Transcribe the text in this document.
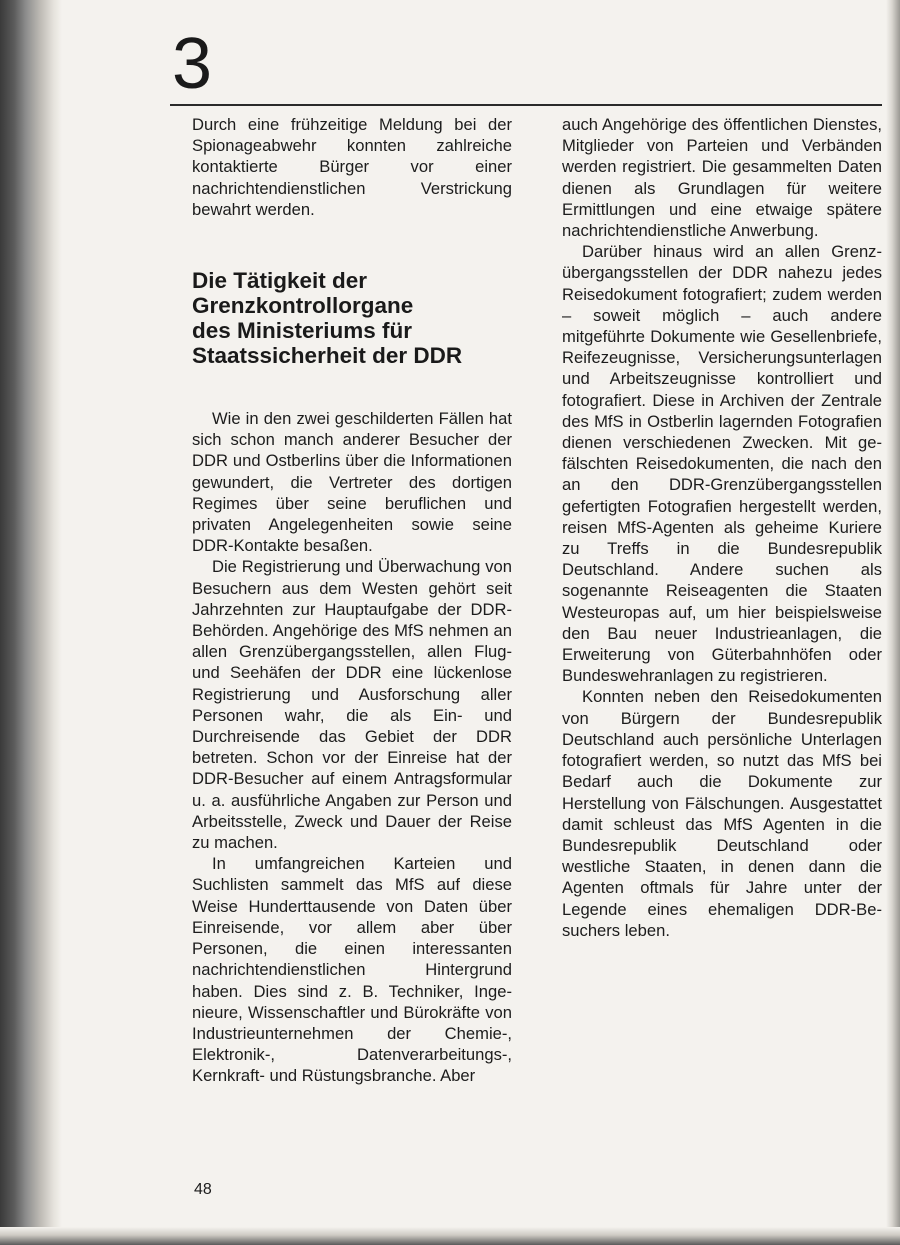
3

Durch eine frühzeitige Meldung bei der Spionageabwehr konnten zahlreiche kontaktierte Bürger vor einer nachrichtendienstlichen Verstrickung bewahrt werden.

Die Tätigkeit der
Grenzkontrollorgane
des Ministeriums für
Staatssicherheit der DDR

Wie in den zwei geschilderten Fällen hat sich schon manch anderer Besucher der DDR und Ostberlins über die Informationen gewundert, die Vertreter des dortigen Regimes über seine beruflichen und privaten Angelegenheiten sowie seine DDR-Kontakte besaßen.

Die Registrierung und Überwachung von Besuchern aus dem Westen gehört seit Jahrzehnten zur Hauptaufgabe der DDR-Behörden. Angehörige des MfS nehmen an allen Grenzübergangsstellen, allen Flug- und Seehäfen der DDR eine lückenlose Registrierung und Ausforschung aller Personen wahr, die als Ein- und Durchreisende das Gebiet der DDR betreten. Schon vor der Einreise hat der DDR-Besucher auf einem Antragsformular u. a. ausführliche Angaben zur Person und Arbeitsstelle, Zweck und Dauer der Reise zu machen.

In umfangreichen Karteien und Suchlisten sammelt das MfS auf diese Weise Hunderttausende von Daten über Einreisende, vor allem aber über Personen, die einen interessanten nachrichtendienstlichen Hintergrund haben. Dies sind z. B. Techniker, Ingenieure, Wissenschaftler und Bürokräfte von Industrieunternehmen der Chemie-, Elektronik-, Datenverarbeitungs-, Kernkraft- und Rüstungsbranche. Aber

auch Angehörige des öffentlichen Dienstes, Mitglieder von Parteien und Verbänden werden registriert. Die gesammelten Daten dienen als Grundlagen für weitere Ermittlungen und eine etwaige spätere nachrichtendienstliche Anwerbung.

Darüber hinaus wird an allen Grenzübergangsstellen der DDR nahezu jedes Reisedokument fotografiert; zudem werden – soweit möglich – auch andere mitgeführte Dokumente wie Gesellenbriefe, Reifezeugnisse, Versicherungsunterlagen und Arbeitszeugnisse kontrolliert und fotografiert. Diese in Archiven der Zentrale des MfS in Ostberlin lagernden Fotografien dienen verschiedenen Zwecken. Mit gefälschten Reisedokumenten, die nach den an den DDR-Grenzübergangsstellen gefertigten Fotografien hergestellt werden, reisen MfS-Agenten als geheime Kuriere zu Treffs in die Bundesrepublik Deutschland. Andere suchen als sogenannte Reiseagenten die Staaten Westeuropas auf, um hier beispielsweise den Bau neuer Industrieanlagen, die Erweiterung von Güterbahnhöfen oder Bundeswehranlagen zu registrieren.

Konnten neben den Reisedokumenten von Bürgern der Bundesrepublik Deutschland auch persönliche Unterlagen fotografiert werden, so nutzt das MfS bei Bedarf auch die Dokumente zur Herstellung von Fälschungen. Ausgestattet damit schleust das MfS Agenten in die Bundesrepublik Deutschland oder westliche Staaten, in denen dann die Agenten oftmals für Jahre unter der Legende eines ehemaligen DDR-Besuchers leben.

48
